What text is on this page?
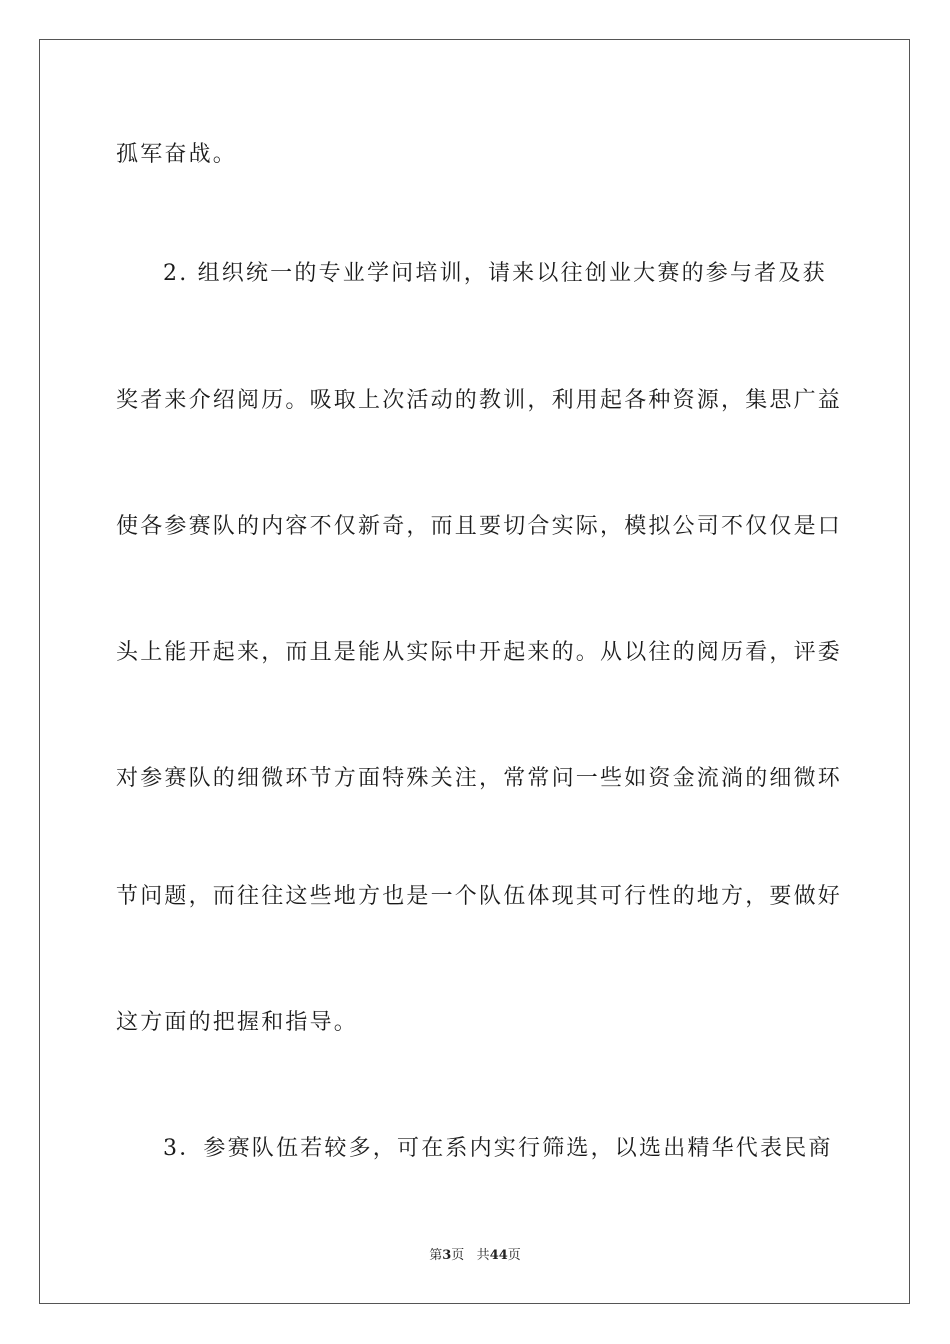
孤军奋战。
2. 组织统一的专业学问培训，请来以往创业大赛的参与者及获
奖者来介绍阅历。吸取上次活动的教训，利用起各种资源，集思广益
使各参赛队的内容不仅新奇，而且要切合实际，模拟公司不仅仅是口
头上能开起来，而且是能从实际中开起来的。从以往的阅历看，评委
对参赛队的细微环节方面特殊关注，常常问一些如资金流淌的细微环
节问题，而往往这些地方也是一个队伍体现其可行性的地方，要做好
这方面的把握和指导。
3．参赛队伍若较多，可在系内实行筛选，以选出精华代表民商
第3页 共44页
